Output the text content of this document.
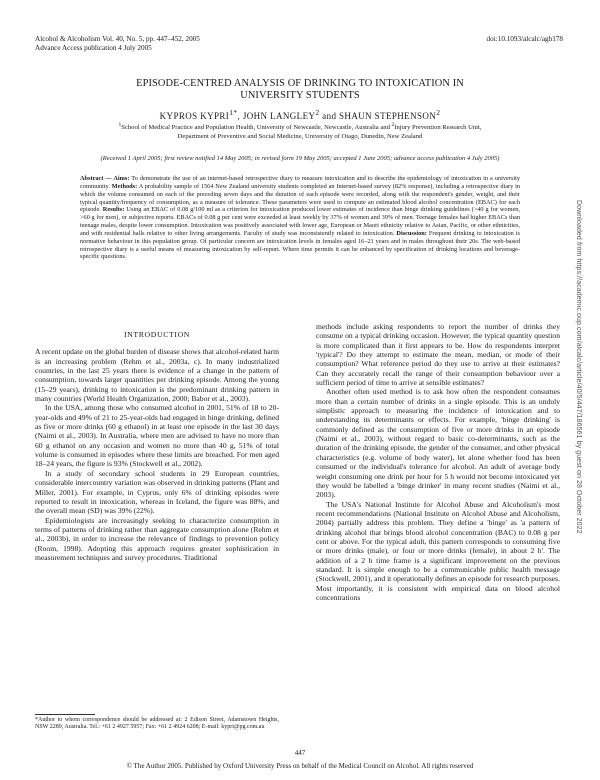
Alcohol & Alcoholism Vol. 40, No. 5, pp. 447–452, 2005
Advance Access publication 4 July 2005
doi:10.1093/alcalc/agh178
EPISODE-CENTRED ANALYSIS OF DRINKING TO INTOXICATION IN
UNIVERSITY STUDENTS
KYPROS $KYPRI^{1*}$, JOHN LANGLEY$^2$ and SHAUN STEPHENSON$^2$
$^1$School of Medical Practice and Population Health, University of Newcastle, Newcastle, Australia and $^2$Injury Prevention Research Unit,
Department of Preventive and Social Medicine, University of Otago, Dunedin, New Zealand
(Received 1 April 2005; first review notified 14 May 2005; in revised form 19 May 2005; accepted 1 June 2005; advance access publication 4 July 2005)

Abstract — Aims: To demonstrate the use of an internet-based retrospective diary to measure intoxication and to describe the epidemiology of intoxication in a university community. Methods: A probability sample of 1564 New Zealand university students completed an Internet-based survey (82% response), including a retrospective diary in which the volume consumed on each of the preceding seven days and the duration of each episode were recorded, along with the respondent's gender, weight, and their typical quantity/frequency of consumption, as a measure of tolerance. These parameters were used to compute an estimated blood alcohol concentration (EBAC) for each episode. Results: Using an EBAC of 0.08 g/100 ml as a criterion for intoxication produced lower estimates of incidence than binge drinking guidelines (>40 g for women, >60 g for men), or subjective reports. EBACs of 0.08 g per cent were exceeded at least weekly by 37% of women and 39% of men. Teenage females had higher EBACs than teenage males, despite lower consumption. Intoxication was positively associated with lower age, European or Maori ethnicity relative to Asian, Pacific, or other ethnicities, and with residential halls relative to other living arrangements. Faculty of study was inconsistently related to intoxication. Discussion: Frequent drinking to intoxication is normative behaviour in this population group. Of particular concern are intoxication levels in females aged 16–21 years and in males throughout their 20s. The web-based retrospective diary is a useful means of measuring intoxication by self-report. Where time permits it can be enhanced by specification of drinking locations and beverage-specific questions.

INTRODUCTION

A recent update on the global burden of disease shows that alcohol-related harm is an increasing problem (Rehm et al., 2003a, c). In many industrialized countries, in the last 25 years there is evidence of a change in the pattern of consumption, towards larger quantities per drinking episode. Among the young (15–29 years), drinking to intoxication is the predominant drinking pattern in many countries (World Health Organization, 2000; Babor et al., 2003).

In the USA, among those who consumed alcohol in 2001, 51% of 18 to 20-year-olds and 49% of 21 to 25-year-olds had engaged in binge drinking, defined as five or more drinks (60 g ethanol) in at least one episode in the last 30 days (Naimi et al., 2003). In Australia, where men are advised to have no more than 60 g ethanol on any occasion and women no more than 40 g, 51% of total volume is consumed in episodes where these limits are breached. For men aged 18–24 years, the figure is 93% (Stockwell et al., 2002).

In a study of secondary school students in 29 European countries, considerable intercountry variation was observed in drinking patterns (Plant and Miller, 2001). For example, in Cyprus, only 6% of drinking episodes were reported to result in intoxication, whereas in Iceland, the figure was 88%, and the overall mean (SD) was 39% (22%).

Epidemiologists are increasingly seeking to characterize consumption in terms of patterns of drinking rather than aggregate consumption alone (Rehm et al., 2003b), in order to increase the relevance of findings to prevention policy (Room, 1998). Adopting this approach requires greater sophistication in measurement techniques and survey procedures. Traditional

methods include asking respondents to report the number of drinks they consume on a typical drinking occasion. However, the typical quantity question is more complicated than it first appears to be. How do respondents interpret 'typical'? Do they attempt to estimate the mean, median, or mode of their consumption? What reference period do they use to arrive at their estimates? Can they accurately recall the range of their consumption behaviour over a sufficient period of time to arrive at sensible estimates?

Another often used method is to ask how often the respondent consumes more than a certain number of drinks in a single episode. This is an unduly simplistic approach to measuring the incidence of intoxication and to understanding its determinants or effects. For example, 'binge drinking' is commonly defined as the consumption of five or more drinks in an episode (Naimi et al., 2003), without regard to basic co-determinants, such as the duration of the drinking episode, the gender of the consumer, and other physical characteristics (e.g. volume of body water), let alone whether food has been consumed or the individual's tolerance for alcohol. An adult of average body weight consuming one drink per hour for 5 h would not become intoxicated yet they would be labelled a 'binge drinker' in many recent studies (Naimi et al., 2003).

The USA's National Institute for Alcohol Abuse and Alcoholism's most recent recommendations (National Institute on Alcohol Abuse and Alcoholism, 2004) partially address this problem. They define a 'binge' as 'a pattern of drinking alcohol that brings blood alcohol concentration (BAC) to 0.08 g per cent or above. For the typical adult, this pattern corresponds to consuming five or more drinks (male), or four or more drinks (female), in about 2 h'. The addition of a 2 h time frame is a significant improvement on the previous standard. It is simple enough to be a communicable public health message (Stockwell, 2001), and it operationally defines an episode for research purposes. Most importantly, it is consistent with empirical data on blood alcohol concentrations

*Author to whom correspondence should be addressed at: 2 Edison Street, Adamstown Heights, NSW 2289, Australia. Tel.: +61 2 4927 5957; Fax: +61 2 4924 6208; E-mail: kypri@pg.com.au
447
© The Author 2005. Published by Oxford University Press on behalf of the Medical Council on Alcohol. All rights reserved
Downloaded from https://academic.oup.com/alcalc/article/40/5/447/186561 by guest on 28 October 2022
